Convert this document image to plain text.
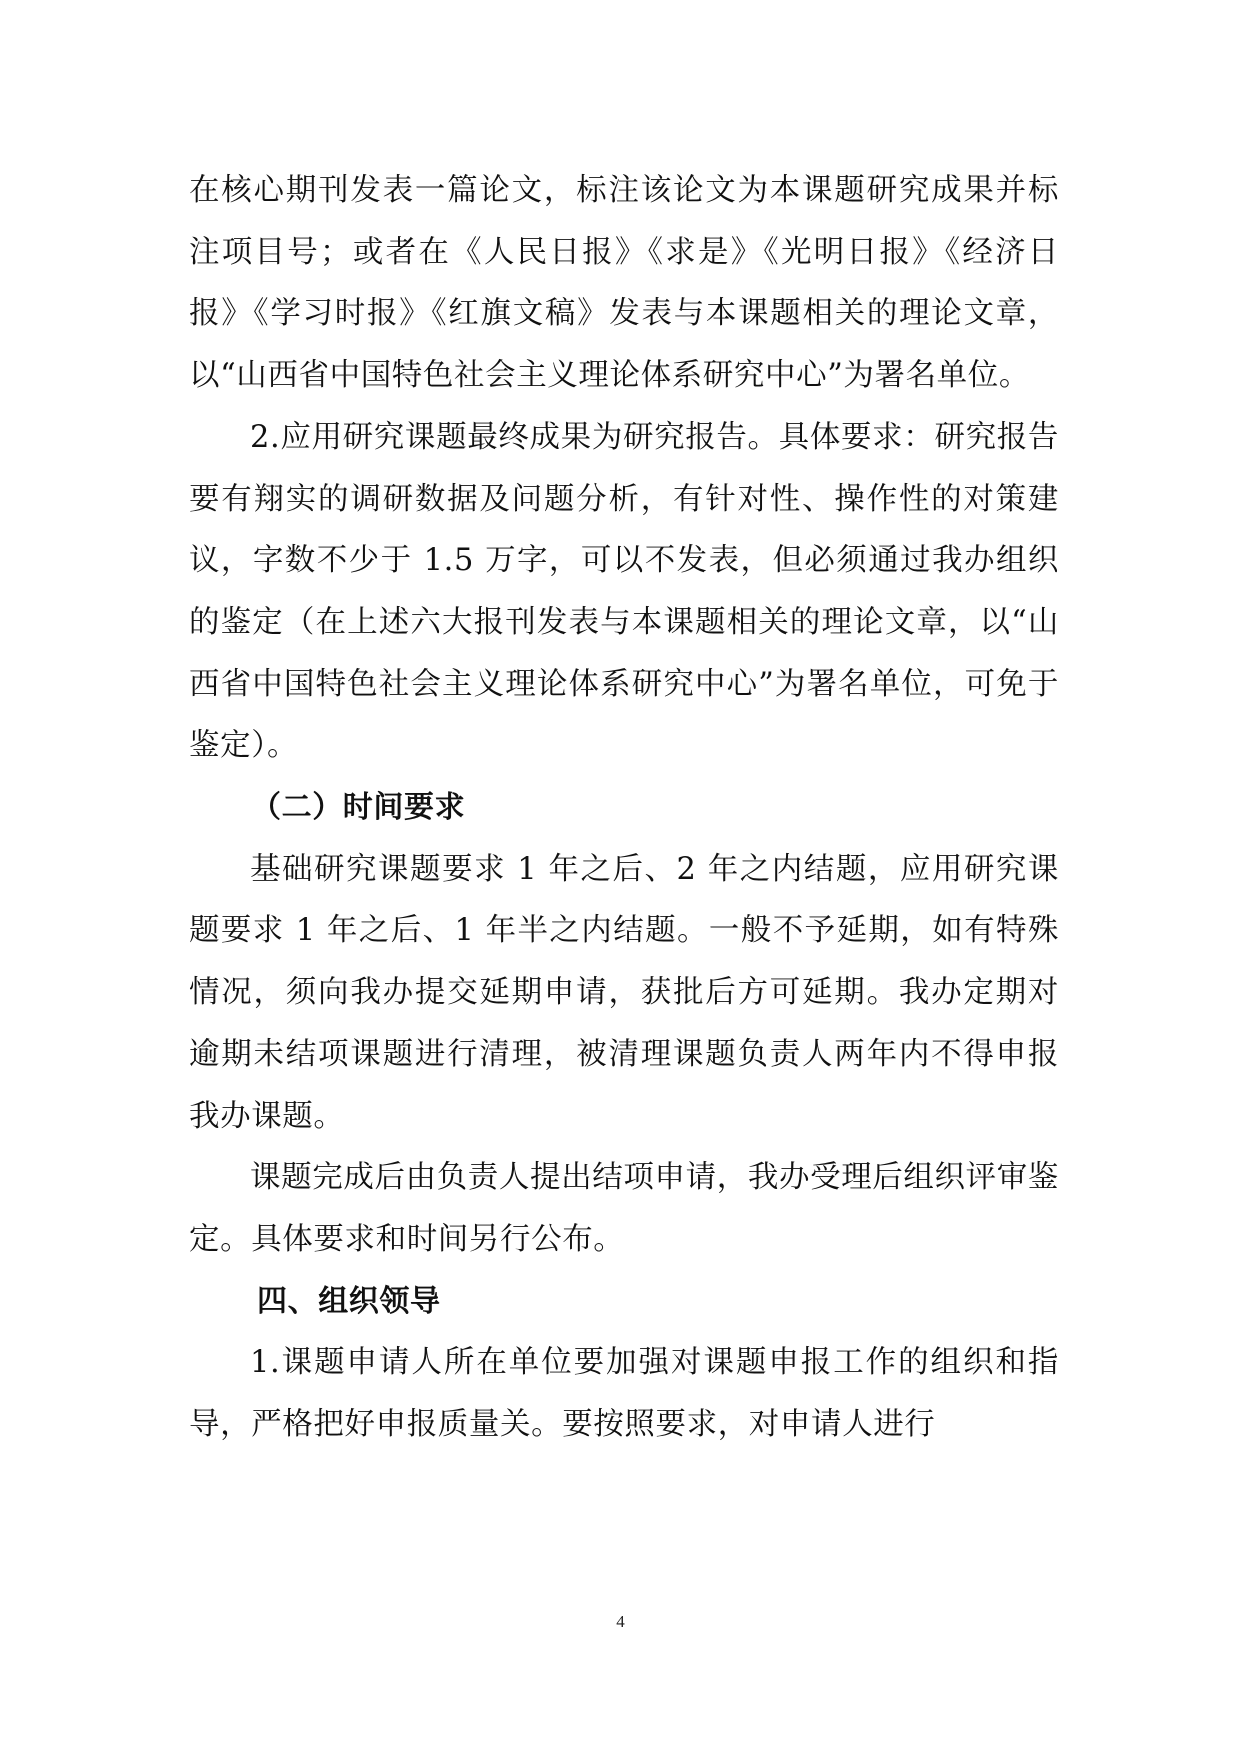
在核心期刊发表一篇论文，标注该论文为本课题研究成果并标注项目号；或者在《人民日报》《求是》《光明日报》《经济日报》《学习时报》《红旗文稿》发表与本课题相关的理论文章，以“山西省中国特色社会主义理论体系研究中心”为署名单位。

2.应用研究课题最终成果为研究报告。具体要求：研究报告要有翔实的调研数据及问题分析，有针对性、操作性的对策建议，字数不少于 1.5 万字，可以不发表，但必须通过我办组织的鉴定（在上述六大报刊发表与本课题相关的理论文章，以“山西省中国特色社会主义理论体系研究中心”为署名单位，可免于鉴定）。

（二）时间要求

基础研究课题要求 1 年之后、2 年之内结题，应用研究课题要求 1 年之后、1 年半之内结题。一般不予延期，如有特殊情况，须向我办提交延期申请，获批后方可延期。我办定期对逾期未结项课题进行清理，被清理课题负责人两年内不得申报我办课题。

课题完成后由负责人提出结项申请，我办受理后组织评审鉴定。具体要求和时间另行公布。

四、组织领导

1.课题申请人所在单位要加强对课题申报工作的组织和指导，严格把好申报质量关。要按照要求，对申请人进行

4
